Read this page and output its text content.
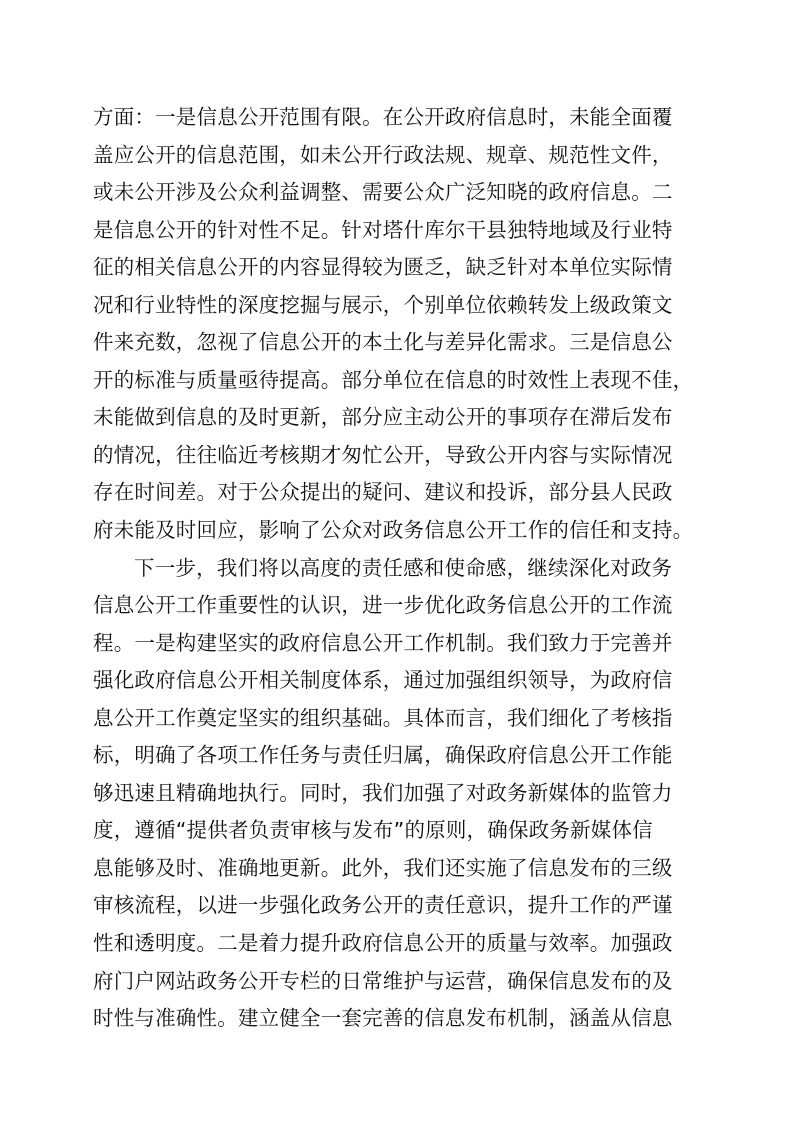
方面：一是信息公开范围有限。在公开政府信息时，未能全面覆
盖应公开的信息范围，如未公开行政法规、规章、规范性文件，
或未公开涉及公众利益调整、需要公众广泛知晓的政府信息。二
是信息公开的针对性不足。针对塔什库尔干县独特地域及行业特
征的相关信息公开的内容显得较为匮乏，缺乏针对本单位实际情
况和行业特性的深度挖掘与展示，个别单位依赖转发上级政策文
件来充数，忽视了信息公开的本土化与差异化需求。三是信息公
开的标准与质量亟待提高。部分单位在信息的时效性上表现不佳，
未能做到信息的及时更新，部分应主动公开的事项存在滞后发布
的情况，往往临近考核期才匆忙公开，导致公开内容与实际情况
存在时间差。对于公众提出的疑问、建议和投诉，部分县人民政
府未能及时回应，影响了公众对政务信息公开工作的信任和支持。
下一步，我们将以高度的责任感和使命感，继续深化对政务
信息公开工作重要性的认识，进一步优化政务信息公开的工作流
程。一是构建坚实的政府信息公开工作机制。我们致力于完善并
强化政府信息公开相关制度体系，通过加强组织领导，为政府信
息公开工作奠定坚实的组织基础。具体而言，我们细化了考核指
标，明确了各项工作任务与责任归属，确保政府信息公开工作能
够迅速且精确地执行。同时，我们加强了对政务新媒体的监管力
度，遵循“提供者负责审核与发布”的原则，确保政务新媒体信
息能够及时、准确地更新。此外，我们还实施了信息发布的三级
审核流程，以进一步强化政务公开的责任意识，提升工作的严谨
性和透明度。二是着力提升政府信息公开的质量与效率。加强政
府门户网站政务公开专栏的日常维护与运营，确保信息发布的及
时性与准确性。建立健全一套完善的信息发布机制，涵盖从信息
